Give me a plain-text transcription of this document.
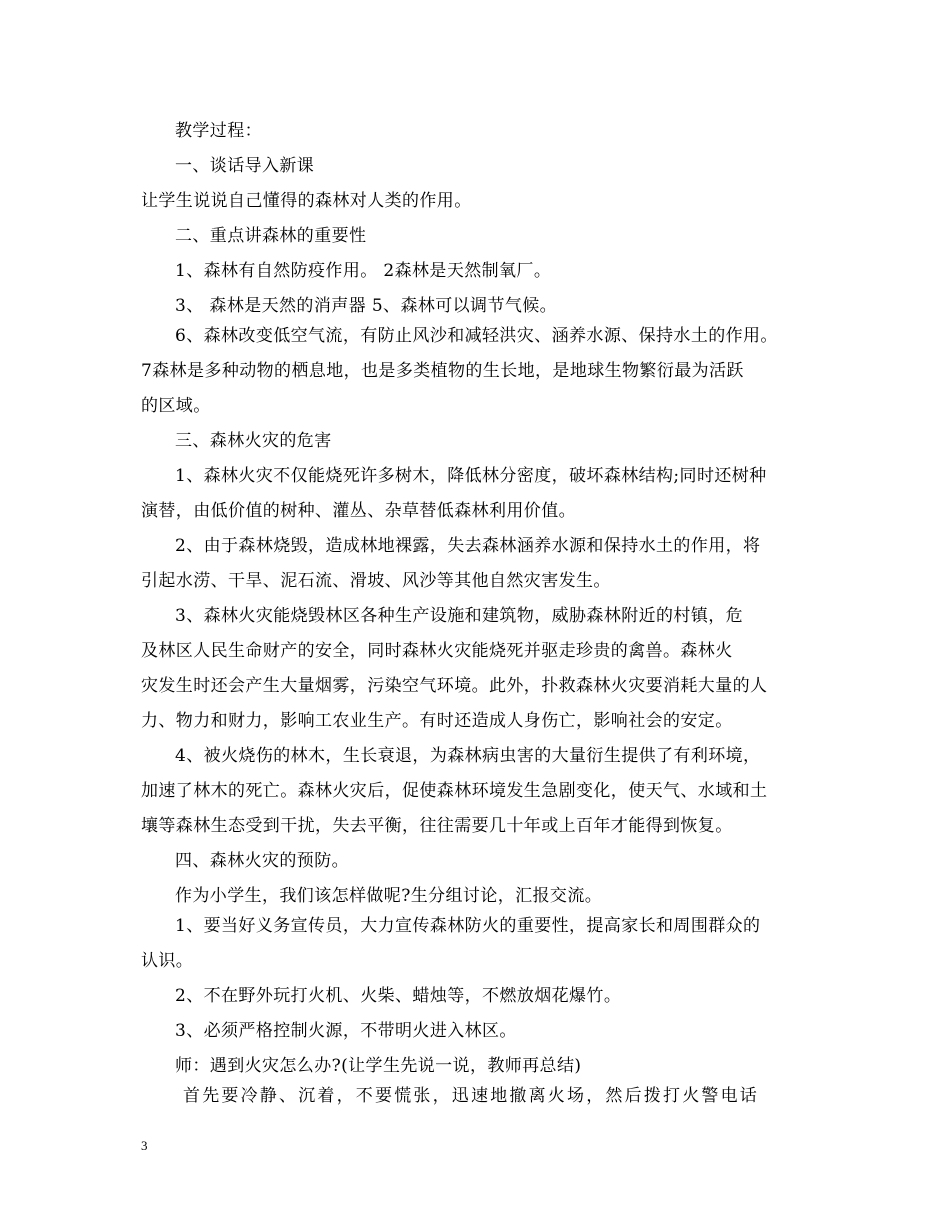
教学过程：
一、谈话导入新课
让学生说说自己懂得的森林对人类的作用。
二、重点讲森林的重要性
1、森林有自然防疫作用。 2森林是天然制氧厂。
3、 森林是天然的消声器 5、森林可以调节气候。
6、森林改变低空气流，有防止风沙和减轻洪灾、涵养水源、保持水土的作用。
7森林是多种动物的栖息地，也是多类植物的生长地，是地球生物繁衍最为活跃
的区域。
三、森林火灾的危害
1、森林火灾不仅能烧死许多树木，降低林分密度，破坏森林结构;同时还树种
演替，由低价值的树种、灌丛、杂草替低森林利用价值。
2、由于森林烧毁，造成林地裸露，失去森林涵养水源和保持水土的作用，将
引起水涝、干旱、泥石流、滑坡、风沙等其他自然灾害发生。
3、森林火灾能烧毁林区各种生产设施和建筑物，威胁森林附近的村镇，危
及林区人民生命财产的安全，同时森林火灾能烧死并驱走珍贵的禽兽。森林火
灾发生时还会产生大量烟雾，污染空气环境。此外，扑救森林火灾要消耗大量的人
力、物力和财力，影响工农业生产。有时还造成人身伤亡，影响社会的安定。
4、被火烧伤的林木，生长衰退，为森林病虫害的大量衍生提供了有利环境，
加速了林木的死亡。森林火灾后，促使森林环境发生急剧变化，使天气、水域和土
壤等森林生态受到干扰，失去平衡，往往需要几十年或上百年才能得到恢复。
四、森林火灾的预防。
作为小学生，我们该怎样做呢?生分组讨论，汇报交流。
1、要当好义务宣传员，大力宣传森林防火的重要性，提高家长和周围群众的
认识。
2、不在野外玩打火机、火柴、蜡烛等，不燃放烟花爆竹。
3、必须严格控制火源，不带明火进入林区。
师：遇到火灾怎么办?(让学生先说一说，教师再总结)
首先要冷静、沉着，不要慌张，迅速地撤离火场，然后拨打火警电话
3
